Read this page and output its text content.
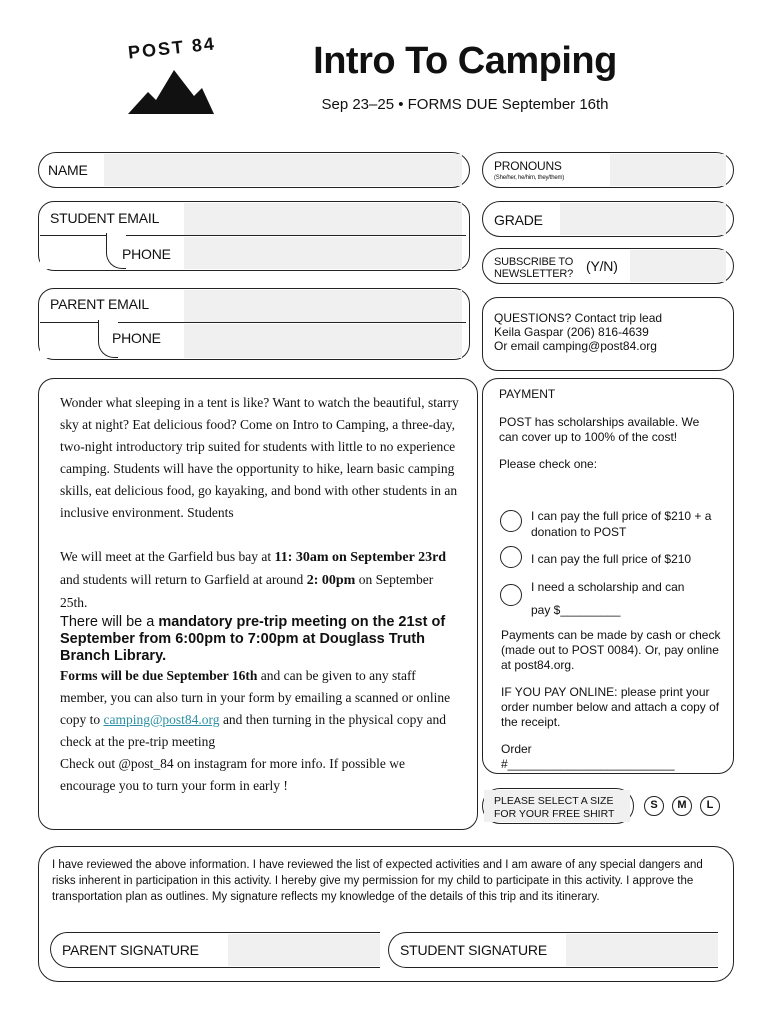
POST 84	Intro To Camping
Sep 23–25 • FORMS DUE September 16th
NAME	PRONOUNS
(She/her, he/him, they/them)
STUDENT EMAIL
PHONE
GRADE
SUBSCRIBE TO
NEWSLETTER? (Y/N)
PARENT EMAIL
PHONE
QUESTIONS? Contact trip lead
Keila Gaspar (206) 816-4639
Or email camping@post84.org

Wonder what sleeping in a tent is like? Want to watch the beautiful, starry sky at night? Eat delicious food? Come on Intro to Camping, a three-day, two-night introductory trip suited for students with little to no experience camping. Students will have the opportunity to hike, learn basic camping skills, eat delicious food, go kayaking, and bond with other students in an inclusive environment. Students

We will meet at the Garfield bus bay at 11: 30am on September 23rd and students will return to Garfield at around 2: 00pm on September 25th.

There will be a mandatory pre-trip meeting on the 21st of September from 6:00pm to 7:00pm at Douglass Truth Branch Library.

Forms will be due September 16th and can be given to any staff member, you can also turn in your form by emailing a scanned or online copy to camping@post84.org and then turning in the physical copy and check at the pre-trip meeting

Check out @post_84 on instagram for more info. If possible we encourage you to turn your form in early !

PAYMENT
POST has scholarships available. We can cover up to 100% of the cost!
Please check one:
I can pay the full price of $210 + a donation to POST
I can pay the full price of $210
I need a scholarship and can
pay $_________
Payments can be made by cash or check (made out to POST 0084). Or, pay online at post84.org.
IF YOU PAY ONLINE: please print your order number below and attach a copy of the receipt.
Order
#_________________________
PLEASE SELECT A SIZE
FOR YOUR FREE SHIRT
S	M	L
I have reviewed the above information. I have reviewed the list of expected activities and I am aware of any special dangers and risks inherent in participation in this activity. I hereby give my permission for my child to participate in this activity. I approve the transportation plan as outlines. My signature reflects my knowledge of the details of this trip and its itinerary.
PARENT SIGNATURE	STUDENT SIGNATURE
